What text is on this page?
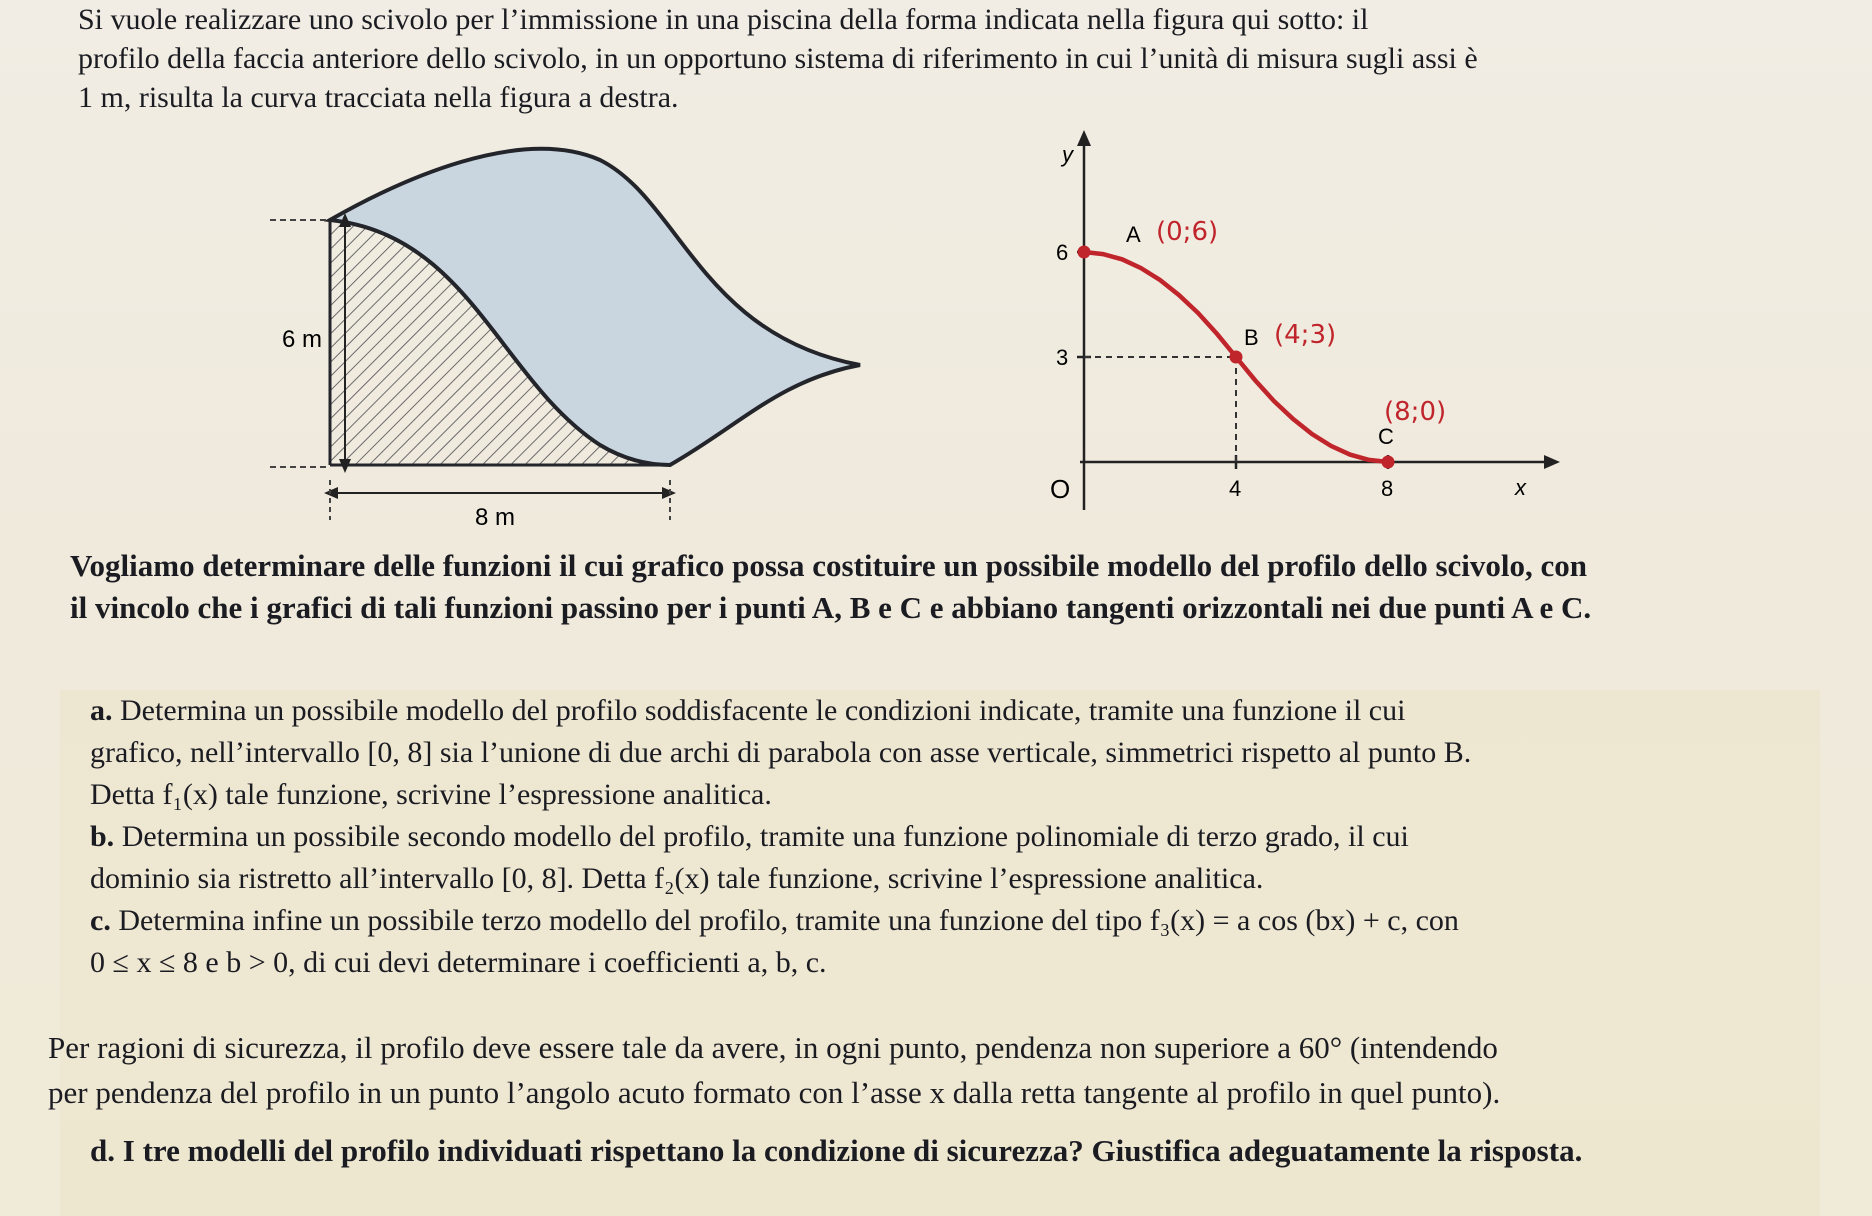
Si vuole realizzare uno scivolo per l’immissione in una piscina della forma indicata nella figura qui sotto: il
profilo della faccia anteriore dello scivolo, in un opportuno sistema di riferimento in cui l’unità di misura sugli assi è
1 m, risulta la curva tracciata nella figura a destra.
6 m
8 m
x
y
O	4	8
3
6
A (0;6)
B (4;3)
C
(8;0)
Vogliamo determinare delle funzioni il cui grafico possa costituire un possibile modello del profilo dello scivolo, con
il vincolo che i grafici di tali funzioni passino per i punti A, B e C e abbiano tangenti orizzontali nei due punti A e C.
a. Determina un possibile modello del profilo soddisfacente le condizioni indicate, tramite una funzione il cui
grafico, nell’intervallo [0, 8] sia l’unione di due archi di parabola con asse verticale, simmetrici rispetto al punto B.
Detta f₁(x) tale funzione, scrivine l’espressione analitica.
b. Determina un possibile secondo modello del profilo, tramite una funzione polinomiale di terzo grado, il cui
dominio sia ristretto all’intervallo [0, 8]. Detta f₂(x) tale funzione, scrivine l’espressione analitica.
c. Determina infine un possibile terzo modello del profilo, tramite una funzione del tipo f₃(x) = a cos (bx) + c, con
0 ≤ x ≤ 8 e b > 0, di cui devi determinare i coefficienti a, b, c.
Per ragioni di sicurezza, il profilo deve essere tale da avere, in ogni punto, pendenza non superiore a 60° (intendendo
per pendenza del profilo in un punto l’angolo acuto formato con l’asse x dalla retta tangente al profilo in quel punto).
d. I tre modelli del profilo individuati rispettano la condizione di sicurezza? Giustifica adeguatamente la risposta.
